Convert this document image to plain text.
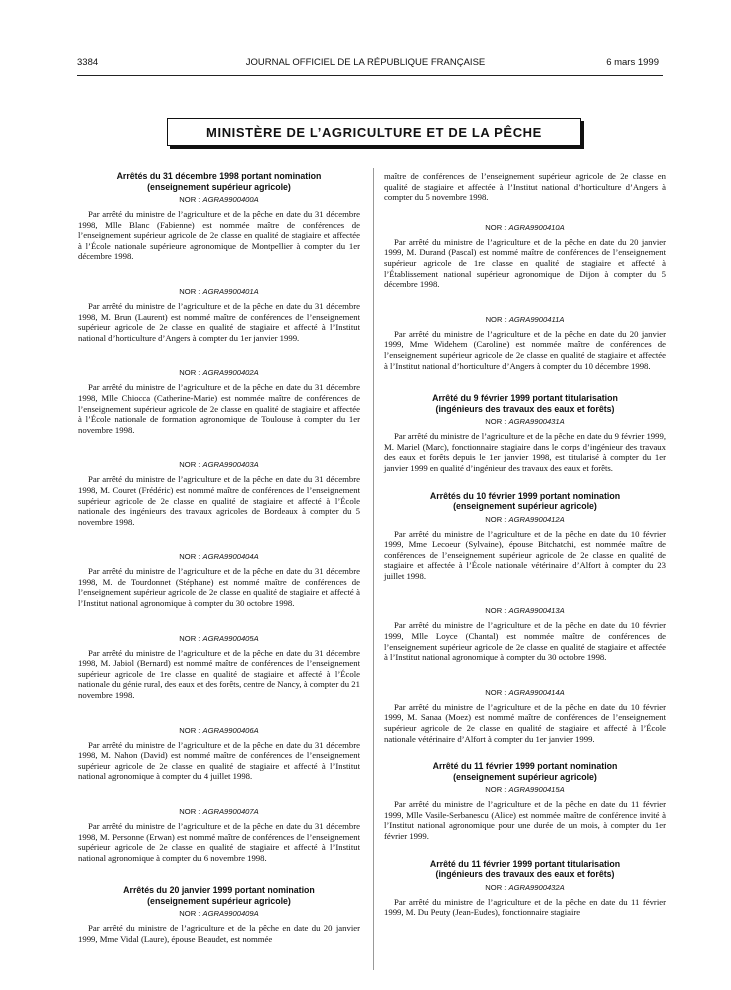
3384	JOURNAL OFFICIEL DE LA RÉPUBLIQUE FRANÇAISE	6 mars 1999
MINISTÈRE DE L’AGRICULTURE ET DE LA PÊCHE
Arrêtés du 31 décembre 1998 portant nomination
(enseignement supérieur agricole)
NOR : AGRA9900400A

Par arrêté du ministre de l’agriculture et de la pêche en date du 31 décembre 1998, Mlle Blanc (Fabienne) est nommée maître de conférences de l’enseignement supérieur agricole de 2e classe en qualité de stagiaire et affectée à l’École nationale supérieure agronomique de Montpellier à compter du 1er décembre 1998.

NOR : AGRA9900401A

Par arrêté du ministre de l’agriculture et de la pêche en date du 31 décembre 1998, M. Brun (Laurent) est nommé maître de conférences de l’enseignement supérieur agricole de 2e classe en qualité de stagiaire et affecté à l’Institut national d’horticulture d’Angers à compter du 1er janvier 1999.

NOR : AGRA9900402A

Par arrêté du ministre de l’agriculture et de la pêche en date du 31 décembre 1998, Mlle Chiocca (Catherine-Marie) est nommée maître de conférences de l’enseignement supérieur agricole de 2e classe en qualité de stagiaire et affectée à l’École nationale de formation agronomique de Toulouse à compter du 1er novembre 1998.

NOR : AGRA9900403A

Par arrêté du ministre de l’agriculture et de la pêche en date du 31 décembre 1998, M. Couret (Frédéric) est nommé maître de conférences de l’enseignement supérieur agricole de 2e classe en qualité de stagiaire et affecté à l’École nationale des ingénieurs des travaux agricoles de Bordeaux à compter du 5 novembre 1998.

NOR : AGRA9900404A

Par arrêté du ministre de l’agriculture et de la pêche en date du 31 décembre 1998, M. de Tourdonnet (Stéphane) est nommé maître de conférences de l’enseignement supérieur agricole de 2e classe en qualité de stagiaire et affecté à l’Institut national agronomique à compter du 30 octobre 1998.

NOR : AGRA9900405A

Par arrêté du ministre de l’agriculture et de la pêche en date du 31 décembre 1998, M. Jabiol (Bernard) est nommé maître de conférences de l’enseignement supérieur agricole de 1re classe en qualité de stagiaire et affecté à l’École nationale du génie rural, des eaux et des forêts, centre de Nancy, à compter du 21 novembre 1998.

NOR : AGRA9900406A

Par arrêté du ministre de l’agriculture et de la pêche en date du 31 décembre 1998, M. Nahon (David) est nommé maître de conférences de l’enseignement supérieur agricole de 2e classe en qualité de stagiaire et affecté à l’Institut national agronomique à compter du 4 juillet 1998.

NOR : AGRA9900407A

Par arrêté du ministre de l’agriculture et de la pêche en date du 31 décembre 1998, M. Personne (Erwan) est nommé maître de conférences de l’enseignement supérieur agricole de 2e classe en qualité de stagiaire et affecté à l’Institut national agronomique à compter du 6 novembre 1998.

Arrêtés du 20 janvier 1999 portant nomination
(enseignement supérieur agricole)
NOR : AGRA9900409A

Par arrêté du ministre de l’agriculture et de la pêche en date du 20 janvier 1999, Mme Vidal (Laure), épouse Beaudet, est nommée

maître de conférences de l’enseignement supérieur agricole de 2e classe en qualité de stagiaire et affectée à l’Institut national d’horticulture d’Angers à compter du 5 novembre 1998.

NOR : AGRA9900410A

Par arrêté du ministre de l’agriculture et de la pêche en date du 20 janvier 1999, M. Durand (Pascal) est nommé maître de conférences de l’enseignement supérieur agricole de 1re classe en qualité de stagiaire et affecté à l’Établissement national supérieur agronomique de Dijon à compter du 5 décembre 1998.

NOR : AGRA9900411A

Par arrêté du ministre de l’agriculture et de la pêche en date du 20 janvier 1999, Mme Widehem (Caroline) est nommée maître de conférences de l’enseignement supérieur agricole de 2e classe en qualité de stagiaire et affectée à l’Institut national d’horticulture d’Angers à compter du 10 décembre 1998.

Arrêté du 9 février 1999 portant titularisation
(ingénieurs des travaux des eaux et forêts)
NOR : AGRA9900431A

Par arrêté du ministre de l’agriculture et de la pêche en date du 9 février 1999, M. Mariel (Marc), fonctionnaire stagiaire dans le corps d’ingénieur des travaux des eaux et forêts depuis le 1er janvier 1998, est titularisé à compter du 1er janvier 1999 en qualité d’ingénieur des travaux des eaux et forêts.

Arrêtés du 10 février 1999 portant nomination
(enseignement supérieur agricole)
NOR : AGRA9900412A

Par arrêté du ministre de l’agriculture et de la pêche en date du 10 février 1999, Mme Lecoeur (Sylvaine), épouse Bitchatchi, est nommée maître de conférences de l’enseignement supérieur agricole de 2e classe en qualité de stagiaire et affectée à l’École nationale vétérinaire d’Alfort à compter du 23 juillet 1998.

NOR : AGRA9900413A

Par arrêté du ministre de l’agriculture et de la pêche en date du 10 février 1999, Mlle Loyce (Chantal) est nommée maître de conférences de l’enseignement supérieur agricole de 2e classe en qualité de stagiaire et affectée à l’Institut national agronomique à compter du 30 octobre 1998.

NOR : AGRA9900414A

Par arrêté du ministre de l’agriculture et de la pêche en date du 10 février 1999, M. Sanaa (Moez) est nommé maître de conférences de l’enseignement supérieur agricole de 2e classe en qualité de stagiaire et affecté à l’École nationale vétérinaire d’Alfort à compter du 1er janvier 1999.

Arrêté du 11 février 1999 portant nomination
(enseignement supérieur agricole)
NOR : AGRA9900415A

Par arrêté du ministre de l’agriculture et de la pêche en date du 11 février 1999, Mlle Vasile-Serbanescu (Alice) est nommée maître de conférence invité à l’Institut national agronomique pour une durée de un mois, à compter du 1er février 1999.

Arrêté du 11 février 1999 portant titularisation
(ingénieurs des travaux des eaux et forêts)
NOR : AGRA9900432A

Par arrêté du ministre de l’agriculture et de la pêche en date du 11 février 1999, M. Du Peuty (Jean-Eudes), fonctionnaire stagiaire
